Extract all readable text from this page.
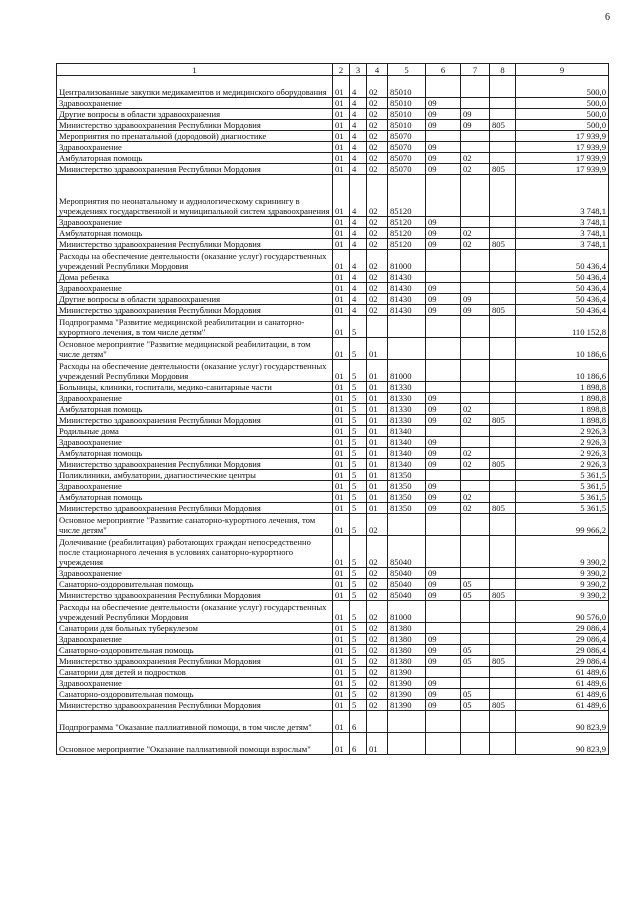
6
1	2	3	4	5	6	7	8	9
Централизованные закупки медикаментов и медицинского оборудования	01	4	02	85010				500,0
Здравоохранение	01	4	02	85010	09			500,0
Другие вопросы в области здравоохранения	01	4	02	85010	09	09		500,0
Министерство здравоохранения Республики Мордовия	01	4	02	85010	09	09	805	500,0
Мероприятия по пренатальной (дородовой) диагностике	01	4	02	85070				17 939,9
Здравоохранение	01	4	02	85070	09			17 939,9
Амбулаторная помощь	01	4	02	85070	09	02		17 939,9
Министерство здравоохранения Республики Мордовия	01	4	02	85070	09	02	805	17 939,9
Мероприятия по неонатальному и аудиологическому скринингу в учреждениях государственной и муниципальной систем здравоохранения	01	4	02	85120				3 748,1
Здравоохранение	01	4	02	85120	09			3 748,1
Амбулаторная помощь	01	4	02	85120	09	02		3 748,1
Министерство здравоохранения Республики Мордовия	01	4	02	85120	09	02	805	3 748,1
Расходы на обеспечение деятельности (оказание услуг) государственных учреждений Республики Мордовия	01	4	02	81000				50 436,4
Дома ребенка	01	4	02	81430				50 436,4
Здравоохранение	01	4	02	81430	09			50 436,4
Другие вопросы в области здравоохранения	01	4	02	81430	09	09		50 436,4
Министерство здравоохранения Республики Мордовия	01	4	02	81430	09	09	805	50 436,4
Подпрограмма "Развитие медицинской реабилитации и санаторно-курортного лечения, в том числе детям"	01	5						110 152,8
Основное мероприятие "Развитие медицинской реабилитации, в том числе детям"	01	5	01					10 186,6
Расходы на обеспечение деятельности (оказание услуг) государственных учреждений Республики Мордовия	01	5	01	81000				10 186,6
Больницы, клиники, госпитали, медико-санитарные части	01	5	01	81330				1 898,8
Здравоохранение	01	5	01	81330	09			1 898,8
Амбулаторная помощь	01	5	01	81330	09	02		1 898,8
Министерство здравоохранения Республики Мордовия	01	5	01	81330	09	02	805	1 898,8
Родильные дома	01	5	01	81340				2 926,3
Здравоохранение	01	5	01	81340	09			2 926,3
Амбулаторная помощь	01	5	01	81340	09	02		2 926,3
Министерство здравоохранения Республики Мордовия	01	5	01	81340	09	02	805	2 926,3
Поликлиники, амбулатории, диагностические центры	01	5	01	81350				5 361,5
Здравоохранение	01	5	01	81350	09			5 361,5
Амбулаторная помощь	01	5	01	81350	09	02		5 361,5
Министерство здравоохранения Республики Мордовия	01	5	01	81350	09	02	805	5 361,5
Основное мероприятие "Развитие санаторно-курортного лечения, том числе детям"	01	5	02					99 966,2
Долечивание (реабилитация) работающих граждан непосредственно после стационарного лечения в условиях санаторно-курортного учреждения	01	5	02	85040				9 390,2
Здравоохранение	01	5	02	85040	09			9 390,2
Санаторно-оздоровительная помощь	01	5	02	85040	09	05		9 390,2
Министерство здравоохранения Республики Мордовия	01	5	02	85040	09	05	805	9 390,2
Расходы на обеспечение деятельности (оказание услуг) государственных учреждений Республики Мордовия	01	5	02	81000				90 576,0
Санатории для больных туберкулезом	01	5	02	81380				29 086,4
Здравоохранение	01	5	02	81380	09			29 086,4
Санаторно-оздоровительная помощь	01	5	02	81380	09	05		29 086,4
Министерство здравоохранения Республики Мордовия	01	5	02	81380	09	05	805	29 086,4
Санатории для детей и подростков	01	5	02	81390				61 489,6
Здравоохранение	01	5	02	81390	09			61 489,6
Санаторно-оздоровительная помощь	01	5	02	81390	09	05		61 489,6
Министерство здравоохранения Республики Мордовия	01	5	02	81390	09	05	805	61 489,6
Подпрограмма "Оказание паллиативной помощи, в том числе детям"	01	6						90 823,9
Основное мероприятие "Оказание паллиативной помощи взрослым"	01	6	01					90 823,9
